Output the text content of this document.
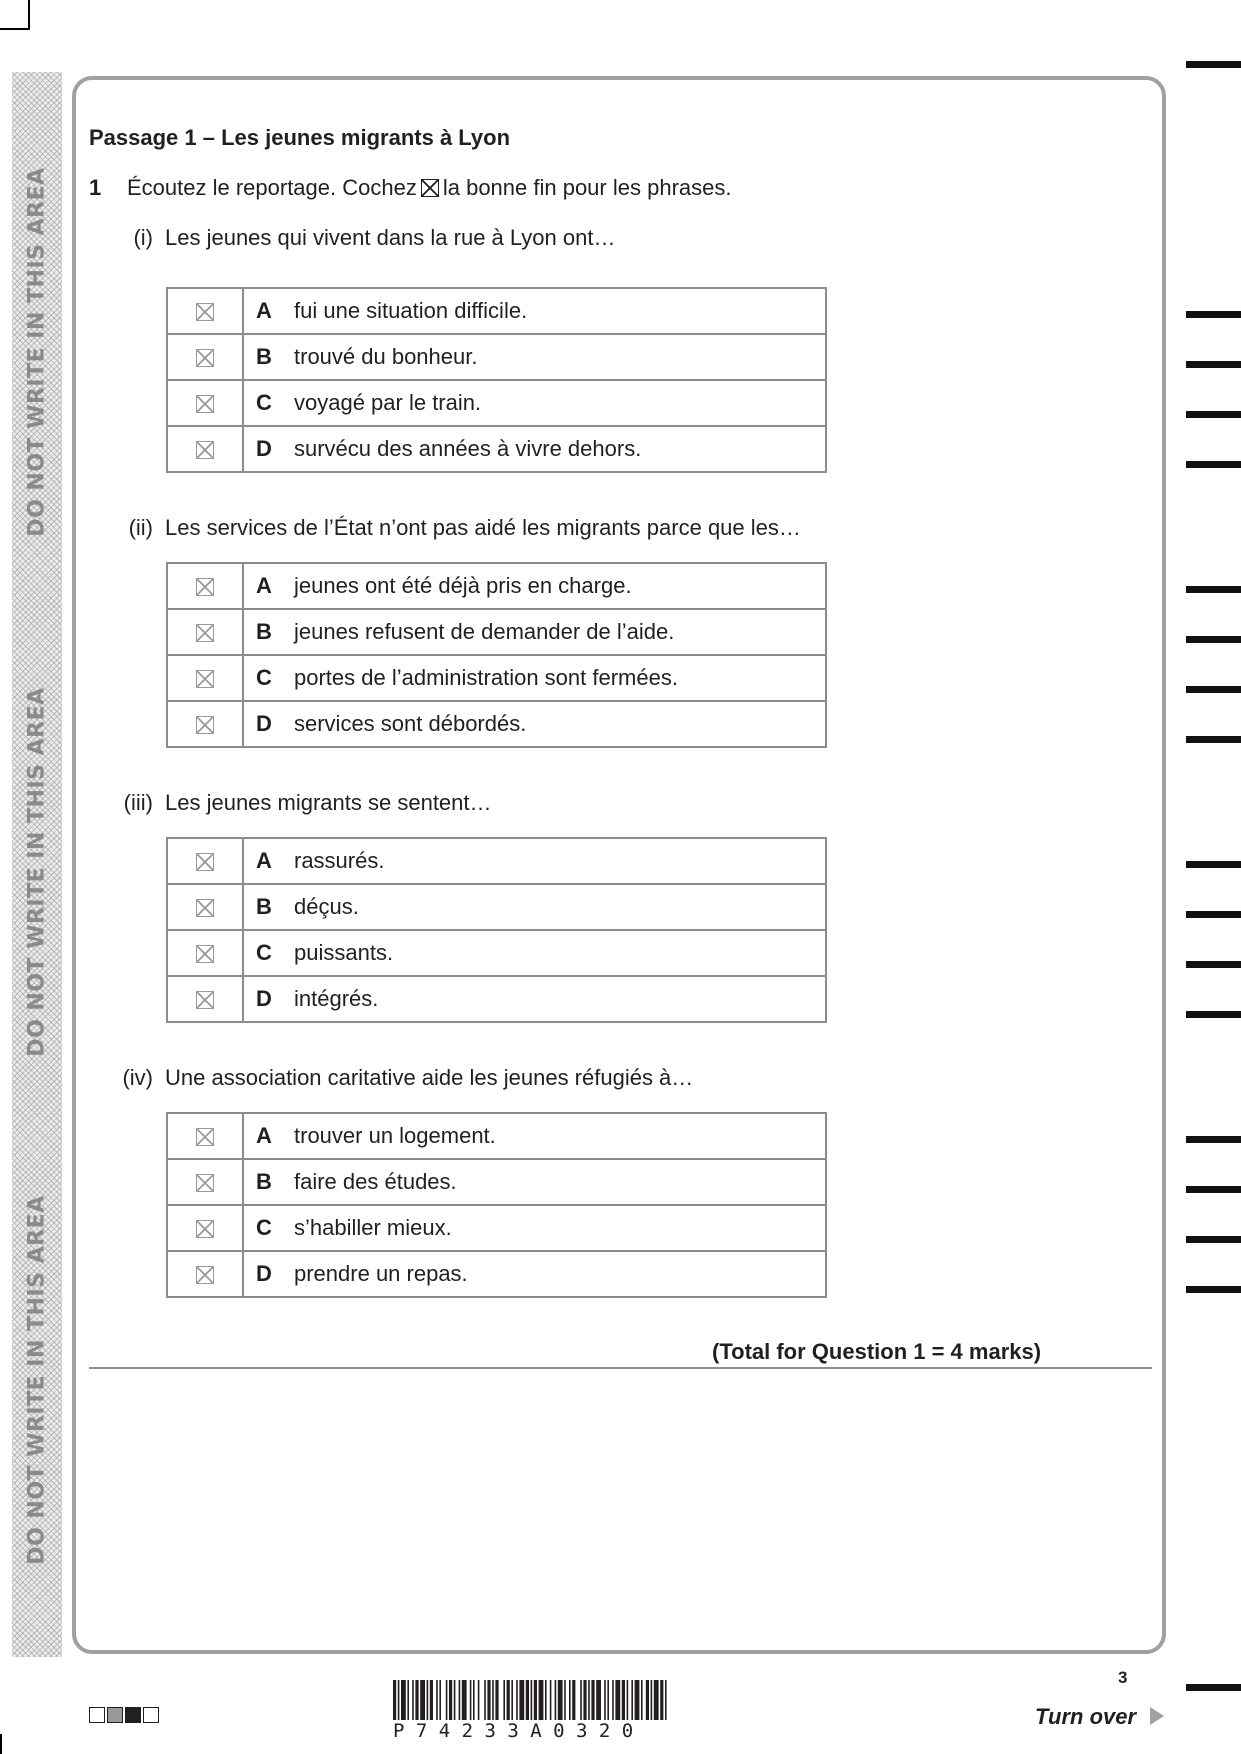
DO NOT WRITE IN THIS AREA

DO NOT WRITE IN THIS AREA

DO NOT WRITE IN THIS AREA

Passage 1 – Les jeunes migrants à Lyon
1 Écoutez le reportage. Cochez ☒ la bonne fin pour les phrases.
(i) Les jeunes qui vivent dans la rue à Lyon ont…
	A fui une situation difficile.
	B trouvé du bonheur.
	C voyagé par le train.
	D survécu des années à vivre dehors.
(ii) Les services de l’État n’ont pas aidé les migrants parce que les…
	A jeunes ont été déjà pris en charge.
	B jeunes refusent de demander de l’aide.
	C portes de l’administration sont fermées.
	D services sont débordés.
(iii) Les jeunes migrants se sentent…
	A rassurés.
	B déçus.
	C puissants.
	D intégrés.
(iv) Une association caritative aide les jeunes réfugiés à…
	A trouver un logement.
	B faire des études.
	C s’habiller mieux.
	D prendre un repas.
(Total for Question 1 = 4 marks)
P 7 4 2 3 3 A 0 3 2 0
3
Turn over
